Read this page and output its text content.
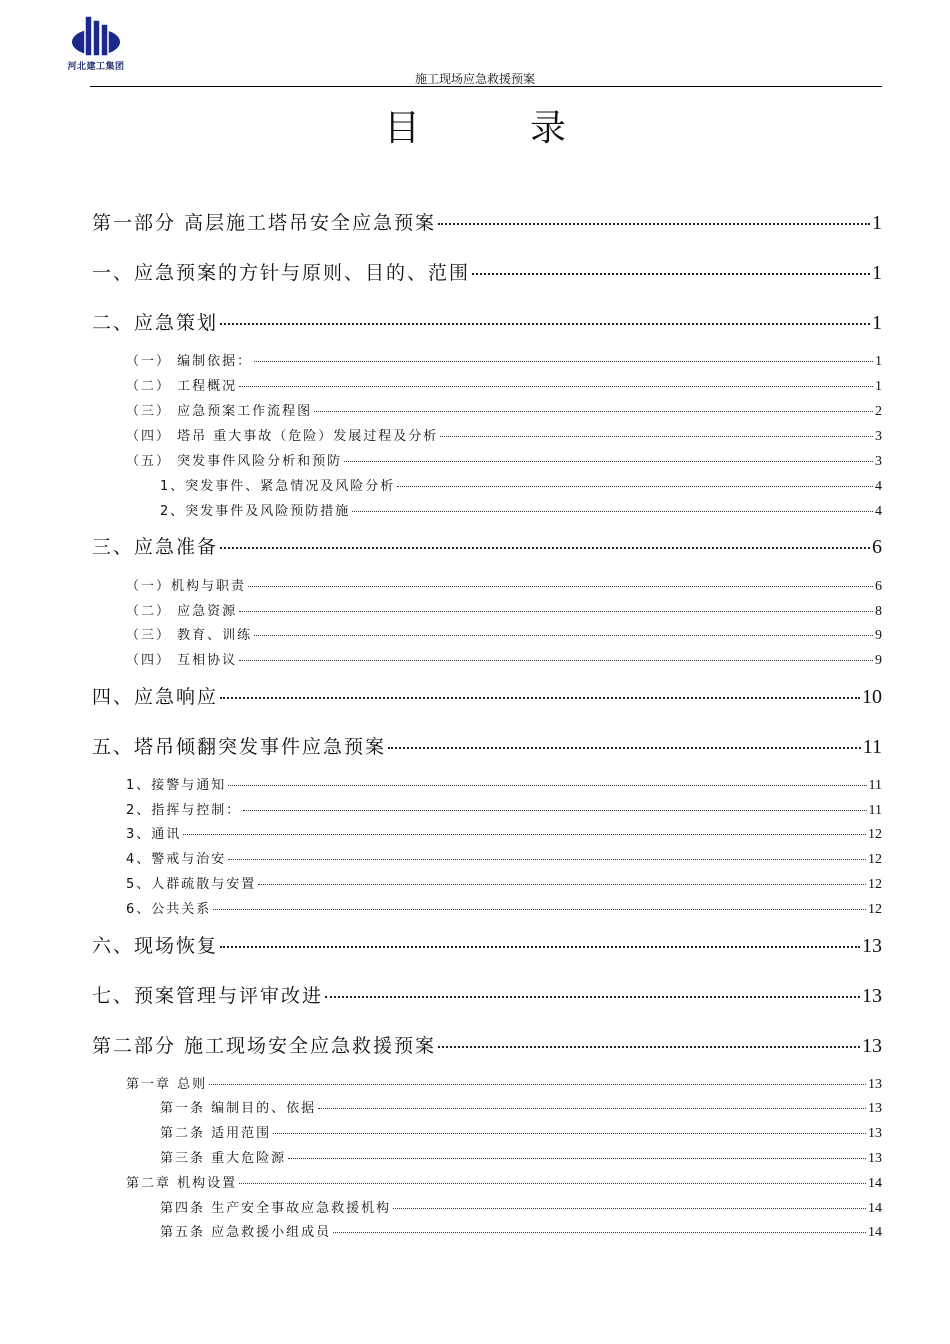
河北建工集团
施工现场应急救援预案
目录
第一部分 高层施工塔吊安全应急预案	1
一、应急预案的方针与原则、目的、范围	1
二、应急策划	1
（一） 编制依据：	1
（二） 工程概况	1
（三） 应急预案工作流程图	2
（四） 塔吊 重大事故（危险）发展过程及分析	3
（五） 突发事件风险分析和预防	3
1、突发事件、紧急情况及风险分析	4
2、突发事件及风险预防措施	4
三、应急准备	6
（一）机构与职责	6
（二） 应急资源	8
（三） 教育、训练	9
（四） 互相协议	9
四、应急响应	10
五、塔吊倾翻突发事件应急预案	11
1、接警与通知	11
2、指挥与控制：	11
3、通讯	12
4、警戒与治安	12
5、人群疏散与安置	12
6、公共关系	12
六、现场恢复	13
七、预案管理与评审改进	13
第二部分 施工现场安全应急救援预案	13
第一章 总则	13
第一条 编制目的、依据	13
第二条 适用范围	13
第三条 重大危险源	13
第二章 机构设置	14
第四条 生产安全事故应急救援机构	14
第五条 应急救援小组成员	14
